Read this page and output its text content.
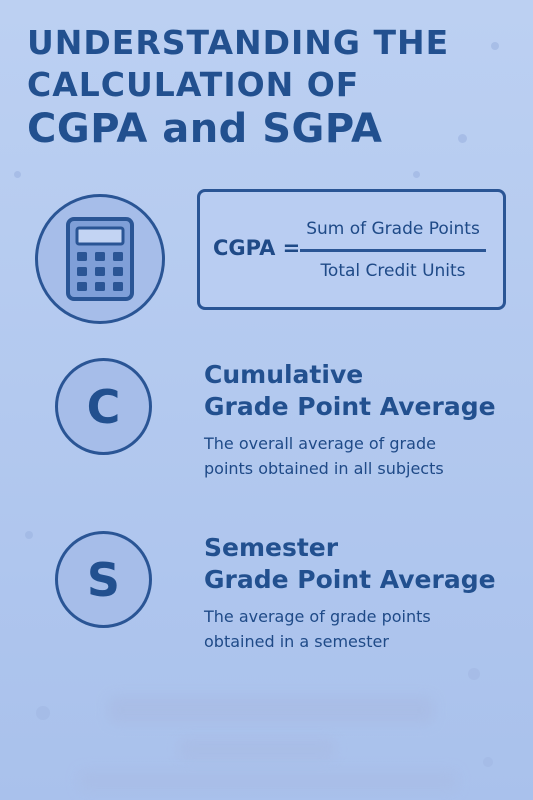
UNDERSTANDING THE
CALCULATION OF
CGPA and SGPA
CGPA =
Sum of Grade Points
Total Credit Units
C
Cumulative
Grade Point Average

The overall average of grade
points obtained in all subjects

S
Semester
Grade Point Average

The average of grade points
obtained in a semester
